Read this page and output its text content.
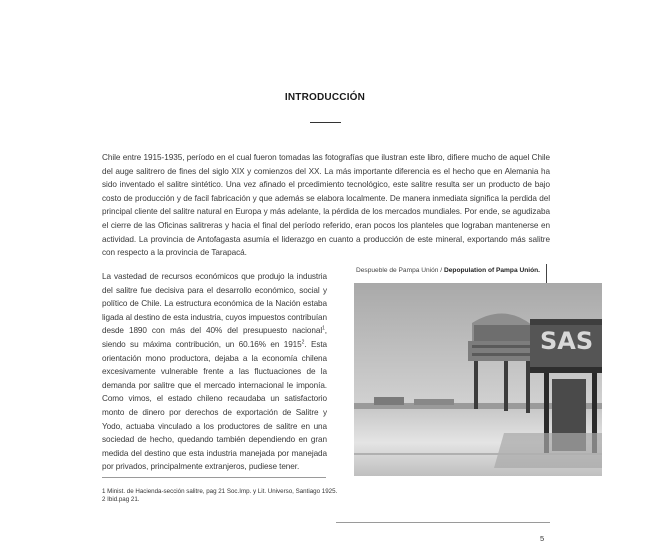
INTRODUCCIÓN
Chile entre 1915-1935, período en el cual fueron tomadas las fotografías que ilustran este libro, difiere mucho de aquel Chile del auge salitrero de fines del siglo XIX y comienzos del XX. La más importante diferencia es el hecho que en Alemania ha sido inventado el salitre sintético. Una vez afinado el prcedimiento tecnológico, este salitre resulta ser un producto de bajo costo de producción y de facil fabricación y que además se elabora localmente. De manera inmediata significa la perdida del principal cliente del salitre natural en Europa y más adelante, la pérdida de los mercados mundiales. Por ende, se agudizaba el cierre de las Oficinas salitreras y hacia el final del período referido, eran pocos los planteles que lograban mantenerse en actividad. La provincia de Antofagasta asumía el liderazgo en cuanto a producción de este mineral, exportando más salitre con respecto a la provincia de Tarapacá.
La vastedad de recursos económicos que produjo la industria del salitre fue decisiva para el desarrollo económico, social y político de Chile. La estructura económica de la Nación estaba ligada al destino de esta industria, cuyos impuestos contribuían desde 1890 con más del 40% del presupuesto nacional$^1$, siendo su máxima contribución, un 60.16% en 1915$^2$. Esta orientación mono productora, dejaba a la economía chilena excesivamente vulnerable frente a las fluctuaciones de la demanda por salitre que el mercado internacional le imponía. Como vimos, el estado chileno recaudaba un satisfactorio monto de dinero por derechos de exportación de Salitre y Yodo, actuaba vinculado a los productores de salitre en una sociedad de hecho, quedando también dependiendo en gran medida del destino que esta industria manejada por manejada por privados, principalmente extranjeros, pudiese tener.
1 Minist. de Hacienda-sección salitre, pag 21 Soc.Imp. y Lit. Universo, Santiago 1925.
2 Ibid.pag 21.
Despueble de Pampa Unión / Depopulation of Pampa Unión.
SAS
5
